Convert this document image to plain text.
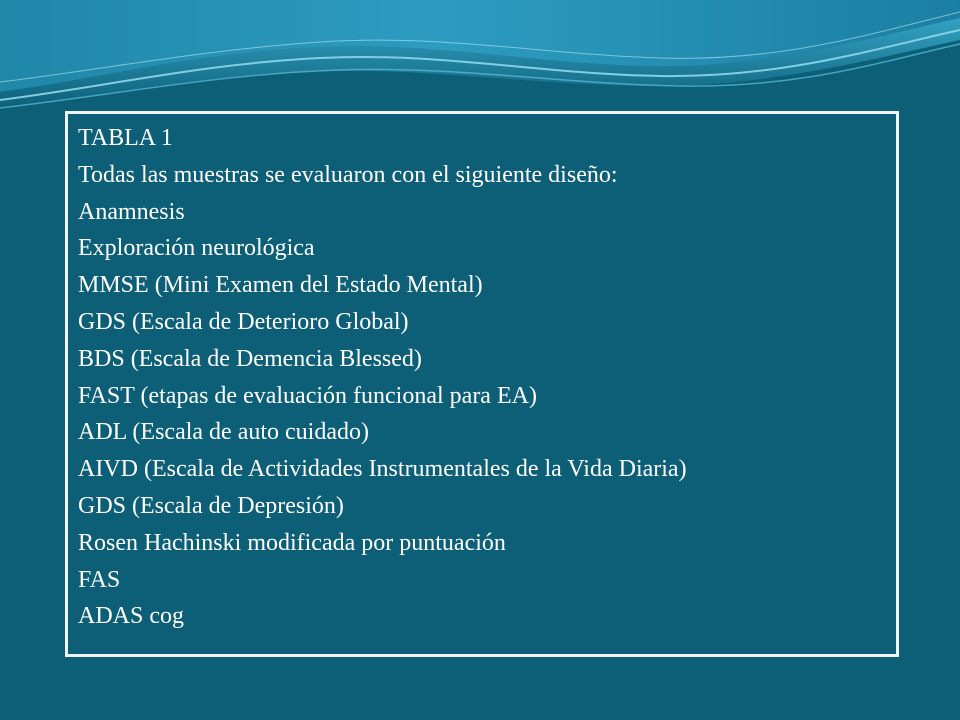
TABLA 1
Todas las muestras se evaluaron con el siguiente diseño:
Anamnesis
Exploración neurológica
MMSE (Mini Examen del Estado Mental)
GDS (Escala de Deterioro Global)
BDS (Escala de Demencia Blessed)
FAST (etapas de evaluación funcional para EA)
ADL (Escala de auto cuidado)
AIVD (Escala de Actividades Instrumentales de la Vida Diaria)
GDS (Escala de Depresión)
Rosen Hachinski modificada por puntuación
FAS
ADAS cog
